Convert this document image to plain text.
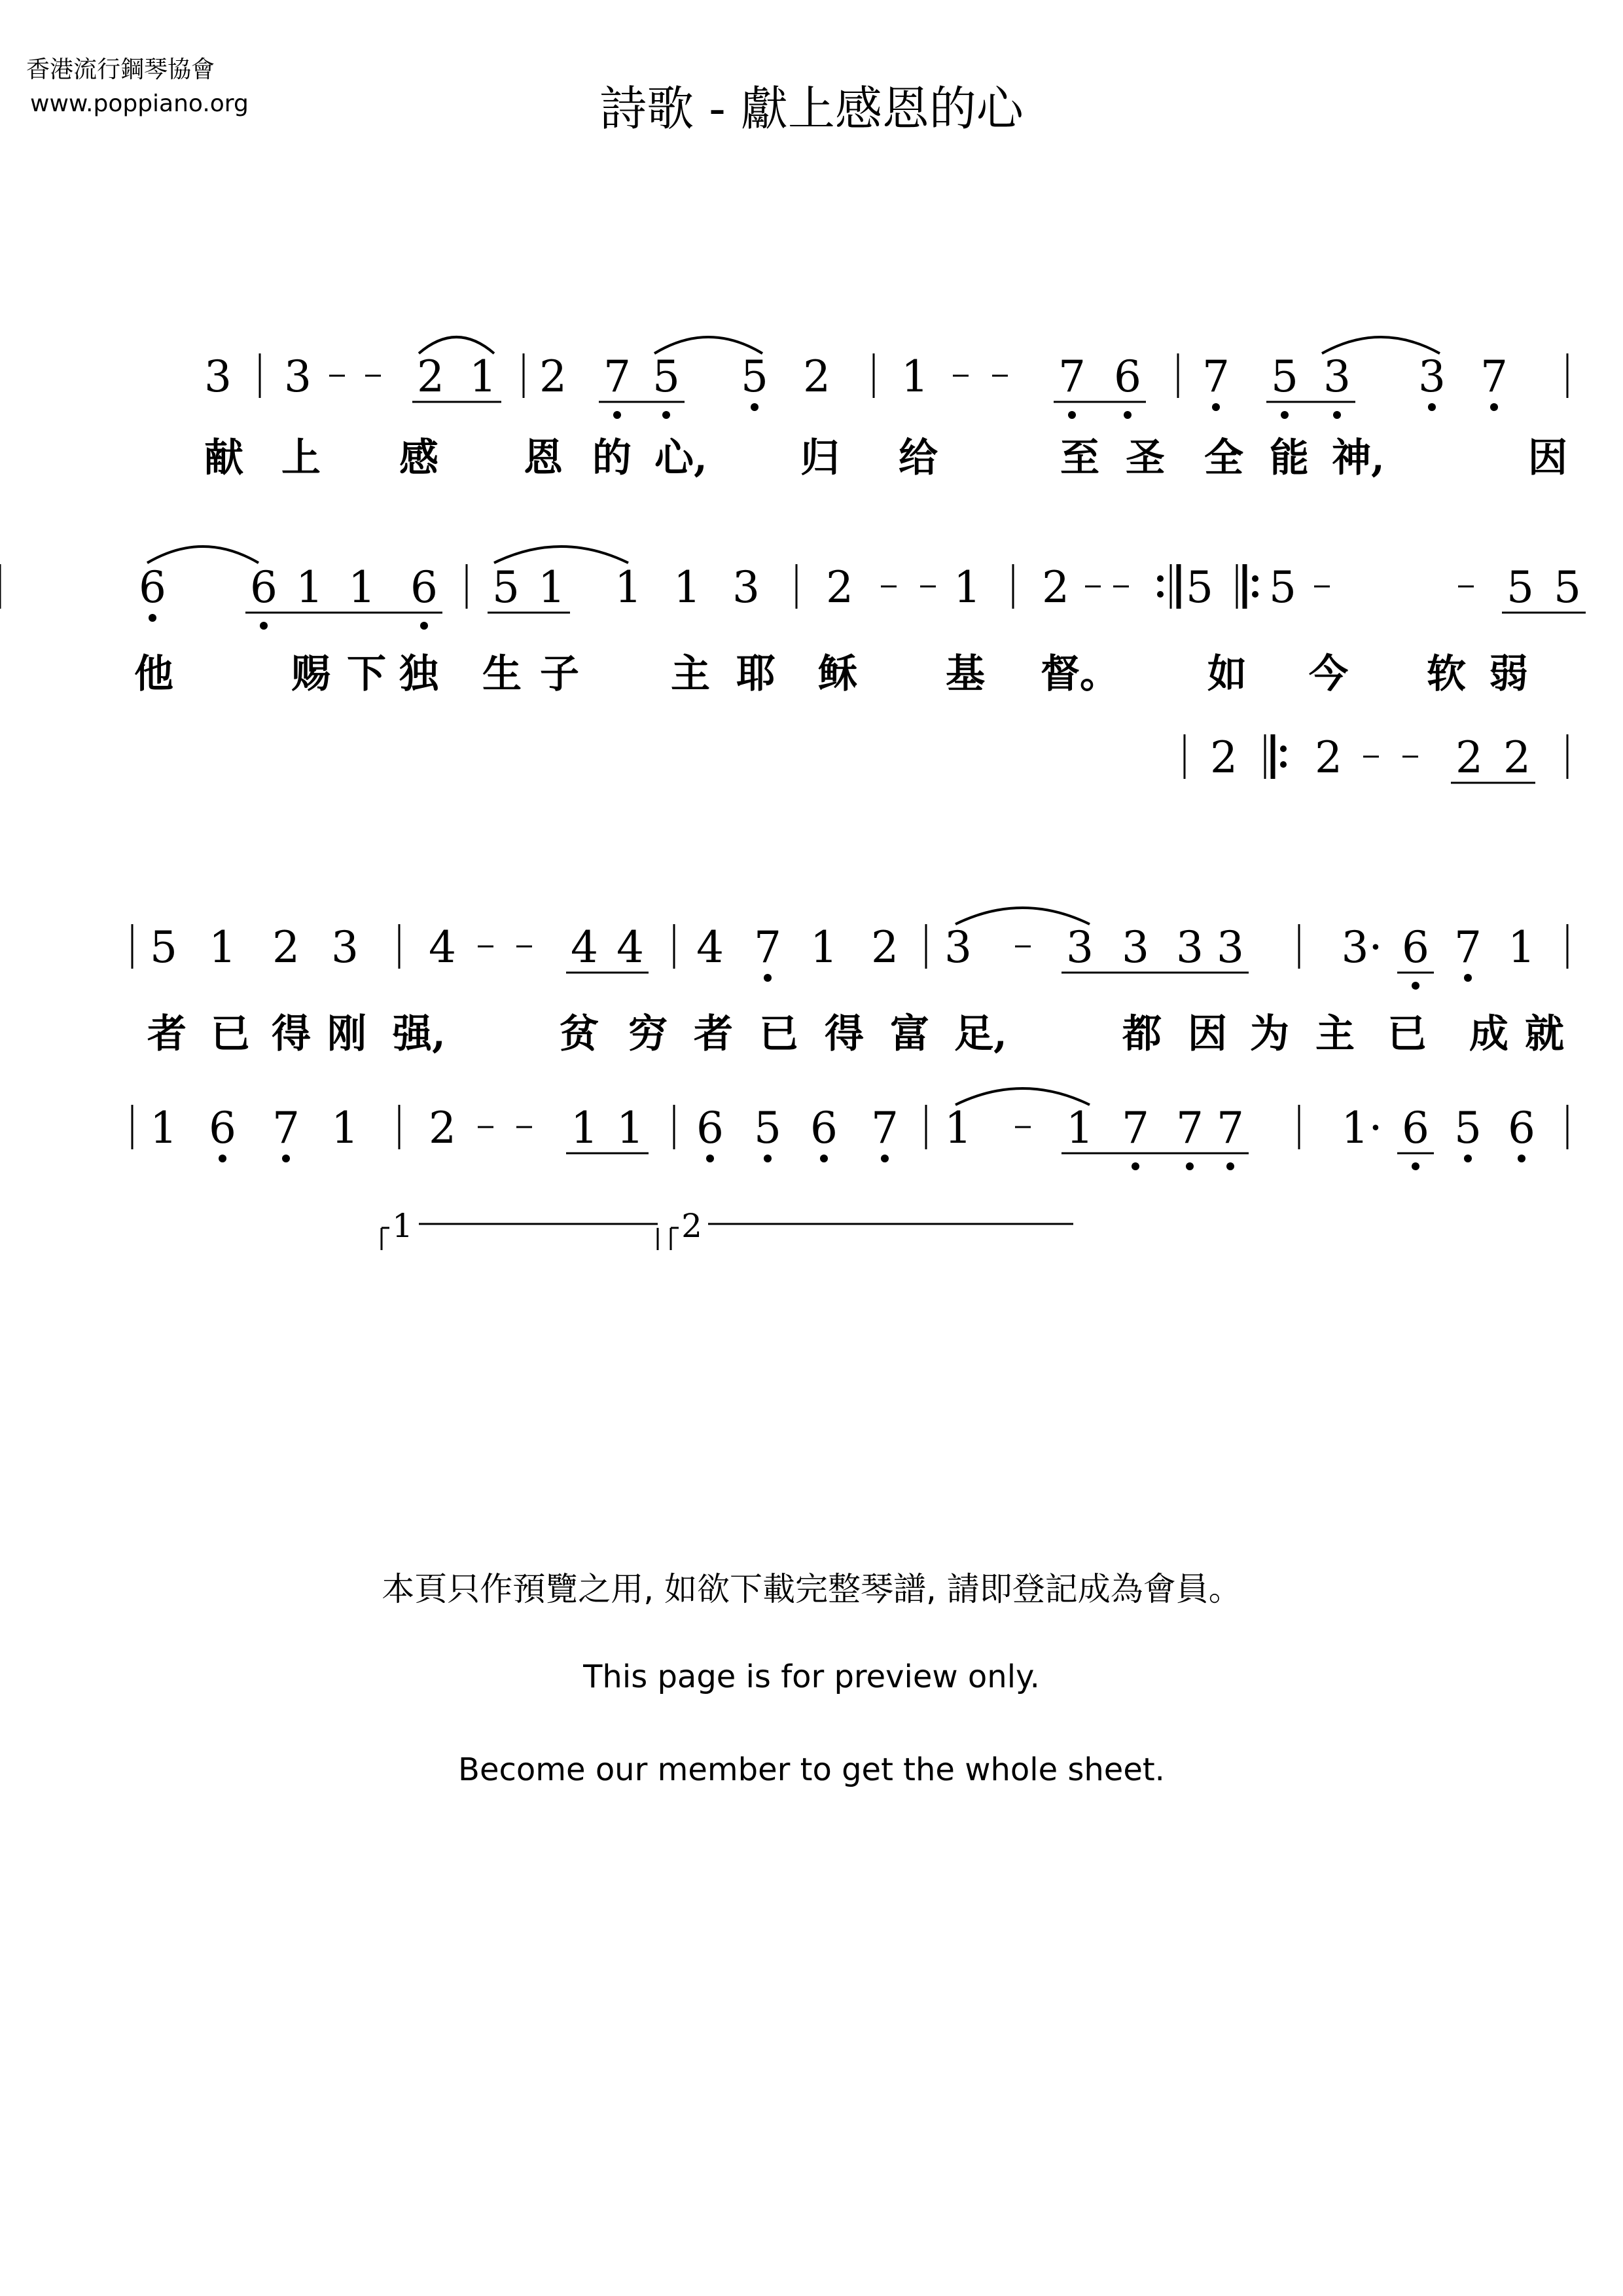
香港流行鋼琴協會
www.poppiano.org	詩歌 - 獻上感恩的心
3 3 2 1 2 7 5 5 2 1	7 6 7 5 3 3 7
6 6 1 1 6 5 1 1 1 3 2 1 2	5 5	5 5
2 2	2 2
5 1 2 3 4	4 4 4 7 1 2 3 3 3 3 3 3· 6 7 1
1 6 7 1 2	1 1 6 5 6 7 1 1 7 7 7 1· 6 5 6
献 上 感 恩 的 心, 归 给	至 圣 全 能 神,	因
他	赐 下 独 生 子 主 耶 稣 基 督。 如 今 软 弱
者 已 得 刚 强,	贫 穷 者 已 得 富 足,	都 因 为 主 已 成 就
1	2
本頁只作預覽之用, 如欲下載完整琴譜, 請即登記成為會員。
This page is for preview only.
Become our member to get the whole sheet.
